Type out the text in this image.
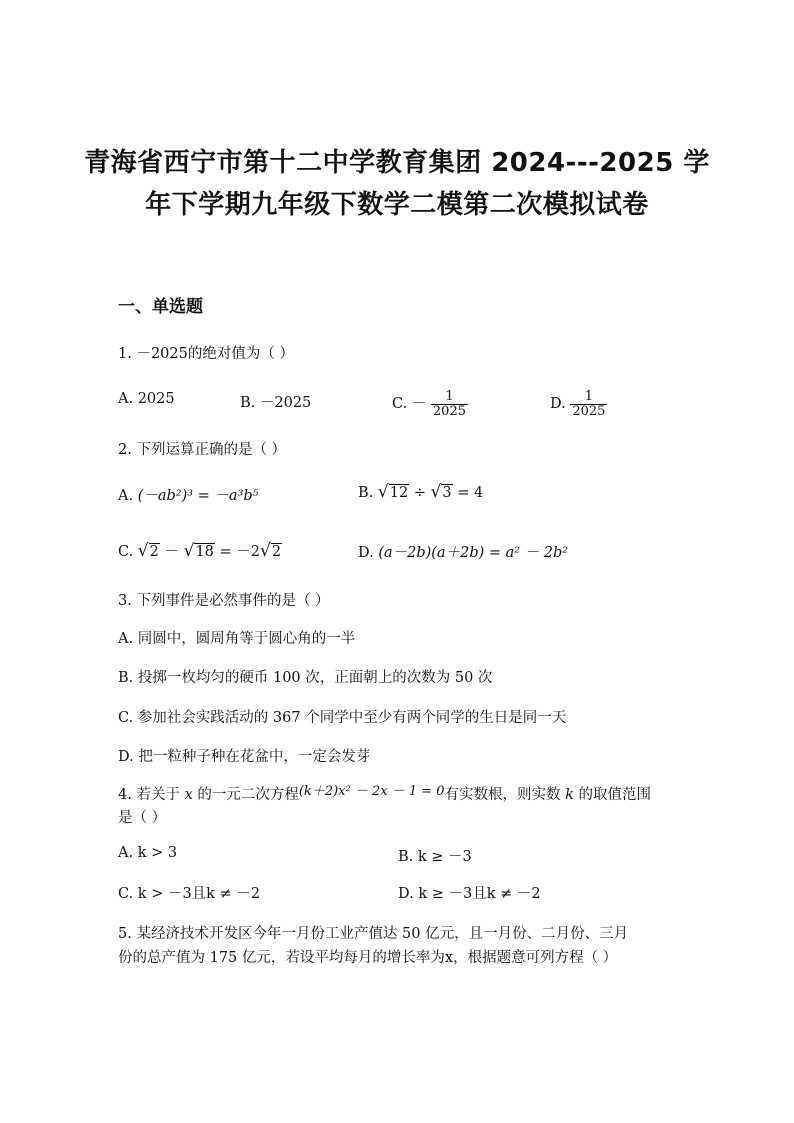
青海省西宁市第十二中学教育集团 2024---2025 学
年下学期九年级下数学二模第二次模拟试卷
一、单选题
1. －2025的绝对值为（ ）
A. 2025	B. －2025	C. － $\frac{1}{2025}$	D. $\frac{1}{2025}$
2. 下列运算正确的是（ ）
A. (－ab²)³ = －a³b⁵	B. √12 ÷ √3 = 4
C. √2 － √18 = －2√2	D. (a－2b)(a＋2b) = a² － 2b²
3. 下列事件是必然事件的是（ ）
A. 同圆中，圆周角等于圆心角的一半
B. 投掷一枚均匀的硬币 100 次，正面朝上的次数为 50 次
C. 参加社会实践活动的 367 个同学中至少有两个同学的生日是同一天
D. 把一粒种子种在花盆中，一定会发芽
4. 若关于 x 的一元二次方程(k＋2)x² － 2x － 1 = 0有实数根，则实数 k 的取值范围
是（ ）
A. k > 3	B. k ≥ －3
C. k > －3且k ≠ －2	D. k ≥ －3且k ≠ －2
5. 某经济技术开发区今年一月份工业产值达 50 亿元，且一月份、二月份、三月
份的总产值为 175 亿元，若设平均每月的增长率为x，根据题意可列方程（ ）
